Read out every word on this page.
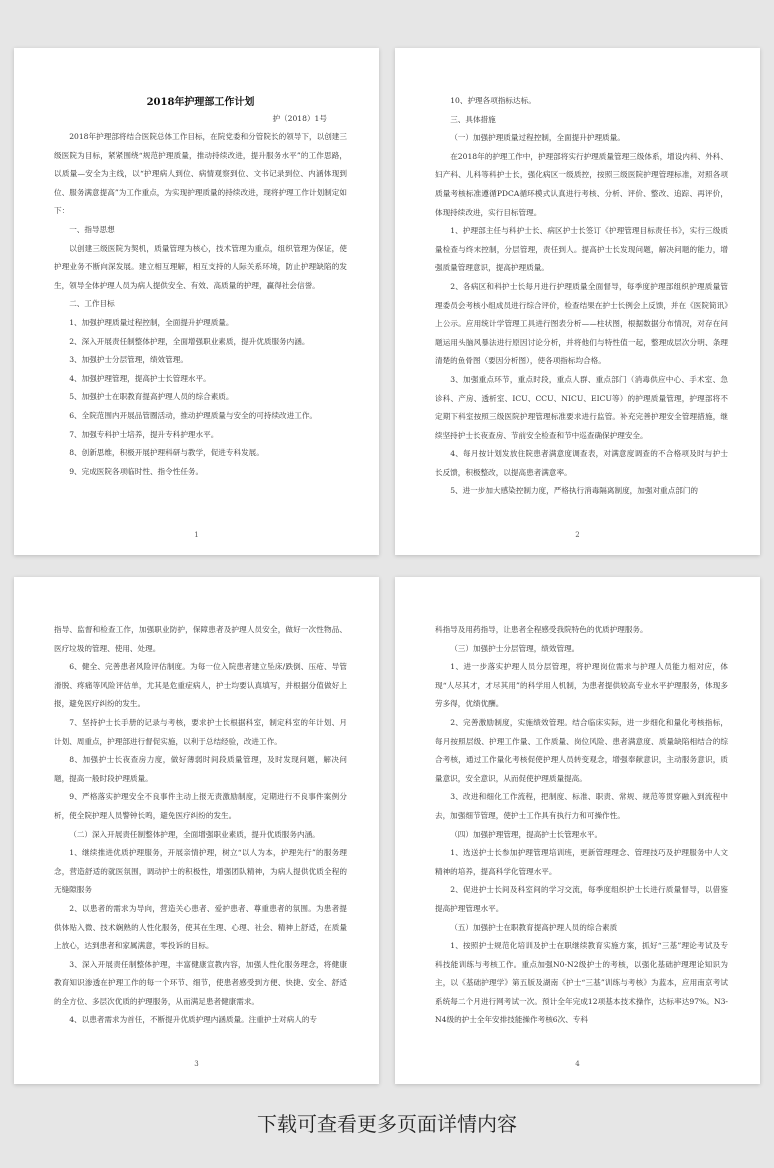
2018年护理部工作计划
护（2018）1号

2018年护理部将结合医院总体工作目标，在院党委和分管院长的领导下，以创建三级医院为目标，紧紧围绕“规范护理质量，推动持续改进，提升服务水平”的工作思路，以质量—安全为主线，以“护理病人到位、病情观察到位、文书记录到位、内涵体现到位、服务满意提高”为工作重点，为实现护理质量的持续改进，现将护理工作计划制定如下：

一、指导思想

以创建三级医院为契机，质量管理为核心，技术管理为重点，组织管理为保证，使护理业务不断向深发展。建立相互理解，相互支持的人际关系环境，防止护理缺陷的发生，领导全体护理人员为病人提供安全、有效、高质量的护理，赢得社会信誉。

二、工作目标

1、加强护理质量过程控制，全面提升护理质量。

2、深入开展责任制整体护理，全面增强职业素质，提升优质服务内涵。

3、加强护士分层管理，绩效管理。

4、加强护理管理，提高护士长管理水平。

5、加强护士在职教育提高护理人员的综合素质。

6、全院范围内开展品管圈活动，推动护理质量与安全的可持续改进工作。

7、加强专科护士培养，提升专科护理水平。

8、创新思维，积极开展护理科研与教学，促进专科发展。

9、完成医院各项临时性、指令性任务。

1

10、护理各项指标达标。

三、具体措施

（一）加强护理质量过程控制，全面提升护理质量。

在2018年的护理工作中，护理部将实行护理质量管理三级体系，增设内科、外科、妇产科、儿科等科护士长，强化病区一级质控，按照三级医院护理管理标准，对照各项质量考核标准遵循PDCA循环模式认真进行考核、分析、评价、整改、追踪、再评价，体现持续改进，实行目标管理。

1、护理部主任与科护士长、病区护士长签订《护理管理目标责任书》，实行三级质量检查与终末控制，分层管理，责任到人。提高护士长发现问题，解决问题的能力，增强质量管理意识，提高护理质量。

2、各病区和科护士长每月进行护理质量全面督导，每季度护理部组织护理质量管理委员会考核小组成员进行综合评价，检查结果在护士长例会上反馈，并在《医院简讯》上公示。应用统计学管理工具进行图表分析——柱状图，根据数据分布情况，对存在问题运用头脑风暴法进行原因讨论分析，并将他们与特性值一起，整理成层次分明、条理清楚的鱼骨图（要因分析图），使各项指标均合格。

3、加强重点环节，重点时段，重点人群、重点部门（消毒供应中心、手术室、急诊科、产房、透析室、ICU、CCU、NICU、EICU等）的护理质量管理，护理部将不定期下科室按照三级医院护理管理标准要求进行监管。补充完善护理安全管理措施，继续坚持护士长夜查房、节前安全检查和节中巡查确保护理安全。

4、每月按计划发放住院患者满意度调查表，对满意度调查的不合格项及时与护士长反馈，积极整改，以提高患者满意率。

5、进一步加大感染控制力度，严格执行消毒隔离制度，加强对重点部门的

2

指导、监督和检查工作，加强职业防护，保障患者及护理人员安全，做好一次性物品、医疗垃圾的管理、使用、处理。

6、健全、完善患者风险评估制度。为每一位入院患者建立坠床/跌倒、压疮、导管滑脱、疼痛等风险评估单，尤其是危重症病人，护士均要认真填写，并根据分值做好上报，避免医疗纠纷的发生。

7、坚持护士长手册的记录与考核，要求护士长根据科室，制定科室的年计划、月计划、周重点，护理部进行督促实施，以利于总结经验，改进工作。

8、加强护士长夜查房力度，做好薄弱时间段质量管理，及时发现问题，解决问题，提高一般时段护理质量。

9、严格落实护理安全不良事件主动上报无责激励制度，定期进行不良事件案例分析，使全院护理人员警钟长鸣，避免医疗纠纷的发生。

（二）深入开展责任制整体护理，全面增强职业素质，提升优质服务内涵。

1、继续推进优质护理服务，开展亲情护理，树立“以人为本，护理先行”的服务理念，营造舒适的就医氛围，调动护士的积极性，增强团队精神，为病人提供优质全程的无缝隙服务

2、以患者的需求为导向，营造关心患者、爱护患者、尊重患者的氛围。为患者提供体贴入微、技术娴熟的人性化服务，使其在生理、心理、社会、精神上舒适，在质量上放心，达到患者和家属满意，零投诉的目标。

3、深入开展责任制整体护理，丰富健康宣教内容，加强人性化服务理念，将健康教育知识渗透在护理工作的每一个环节、细节，使患者感受到方便、快捷、安全、舒适的全方位、多层次优质的护理服务，从而满足患者健康需求。

4、以患者需求为首任，不断提升优质护理内涵质量。注重护士对病人的专

3

科指导及用药指导，让患者全程感受我院特色的优质护理服务。

（三）加强护士分层管理，绩效管理。

1、进一步落实护理人员分层管理，将护理岗位需求与护理人员能力相对应，体现“人尽其才，才尽其用”的科学用人机制，为患者提供较高专业水平护理服务，体现多劳多得，优绩优酬。

2、完善激励制度，实施绩效管理。结合临床实际，进一步细化和量化考核指标，每月按照层级、护理工作量、工作质量、岗位风险、患者满意度、质量缺陷相结合的综合考核，通过工作量化考核促使护理人员转变观念，增强奉献意识，主动服务意识，质量意识，安全意识，从而促使护理质量提高。

3、改进和细化工作流程，把制度、标准、职责、常规、规范等贯穿融入到流程中去，加强细节管理，使护士工作具有执行力和可操作性。

（四）加强护理管理，提高护士长管理水平。

1、选送护士长参加护理管理培训班，更新管理理念、管理技巧及护理服务中人文精神的培养，提高科学化管理水平。

2、促进护士长间及科室间的学习交流，每季度组织护士长进行质量督导，以借鉴提高护理管理水平。

（五）加强护士在职教育提高护理人员的综合素质

1、按照护士规范化培训及护士在职继续教育实施方案，抓好“三基”理论考试及专科技能训练与考核工作。重点加强N0-N2级护士的考核，以强化基础护理理论知识为主，以《基础护理学》第五版及湖南《护士“三基”训练与考核》为蓝本，应用南京考试系统每二个月进行网考试一次。预计全年完成12项基本技术操作，达标率达97%。N3-N4级的护士全年安排技能操作考核6次、专科

4
下载可查看更多页面详情内容
